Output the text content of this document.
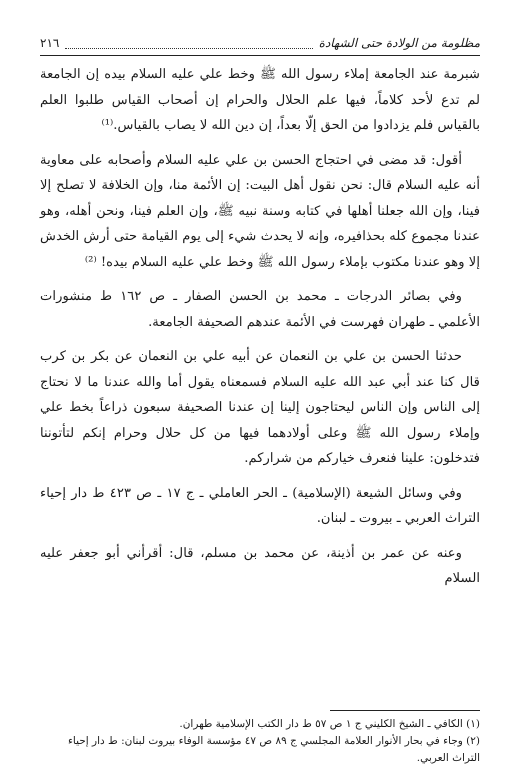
مظلومة من الولادة حتى الشهادة
٢١٦

شبرمة عند الجامعة إملاء رسول الله ﷺ وخط علي عليه السلام بيده إن الجامعة لم تدع لأحد كلاماً، فيها علم الحلال والحرام إن أصحاب القياس طلبوا العلم بالقياس فلم يزدادوا من الحق إلّا بعداً، إن دين الله لا يصاب بالقياس.⁽¹⁾

أقول: قد مضى في احتجاج الحسن بن علي عليه السلام وأصحابه على معاوية أنه عليه السلام قال: نحن نقول أهل البيت: إن الأئمة منا، وإن الخلافة لا تصلح إلا فينا، وإن الله جعلنا أهلها في كتابه وسنة نبيه ﷺ، وإن العلم فينا، ونحن أهله، وهو عندنا مجموع كله بحذافيره، وإنه لا يحدث شيء إلى يوم القيامة حتى أرش الخدش إلا وهو عندنا مكتوب بإملاء رسول الله ﷺ وخط علي عليه السلام بيده! ⁽²⁾

وفي بصائر الدرجات ـ محمد بن الحسن الصفار ـ ص ١٦٢ ط منشورات الأعلمي ـ طهران فهرست في الأئمة عندهم الصحيفة الجامعة.

حدثنا الحسن بن علي بن النعمان عن أبيه علي بن النعمان عن بكر بن كرب قال كنا عند أبي عبد الله عليه السلام فسمعناه يقول أما والله عندنا ما لا نحتاج إلى الناس وإن الناس ليحتاجون إلينا إن عندنا الصحيفة سبعون ذراعاً بخط علي وإملاء رسول الله ﷺ وعلى أولادهما فيها من كل حلال وحرام إنكم لتأتوننا فتدخلون: علينا فنعرف خياركم من شراركم.

وفي وسائل الشيعة (الإسلامية) ـ الحر العاملي ـ ج ١٧ ـ ص ٤٢٣ ط دار إحياء التراث العربي ـ بيروت ـ لبنان.

وعنه عن عمر بن أذينة، عن محمد بن مسلم، قال: أقرأني أبو جعفر عليه السلام

(١) الكافي ـ الشيخ الكليني ج ١ ص ٥٧ ط دار الكتب الإسلامية طهران.
(٢) وجاء في بحار الأنوار العلامة المجلسي ج ٨٩ ص ٤٧ مؤسسة الوفاء بيروت لبنان: ط دار إحياء التراث العربي.
